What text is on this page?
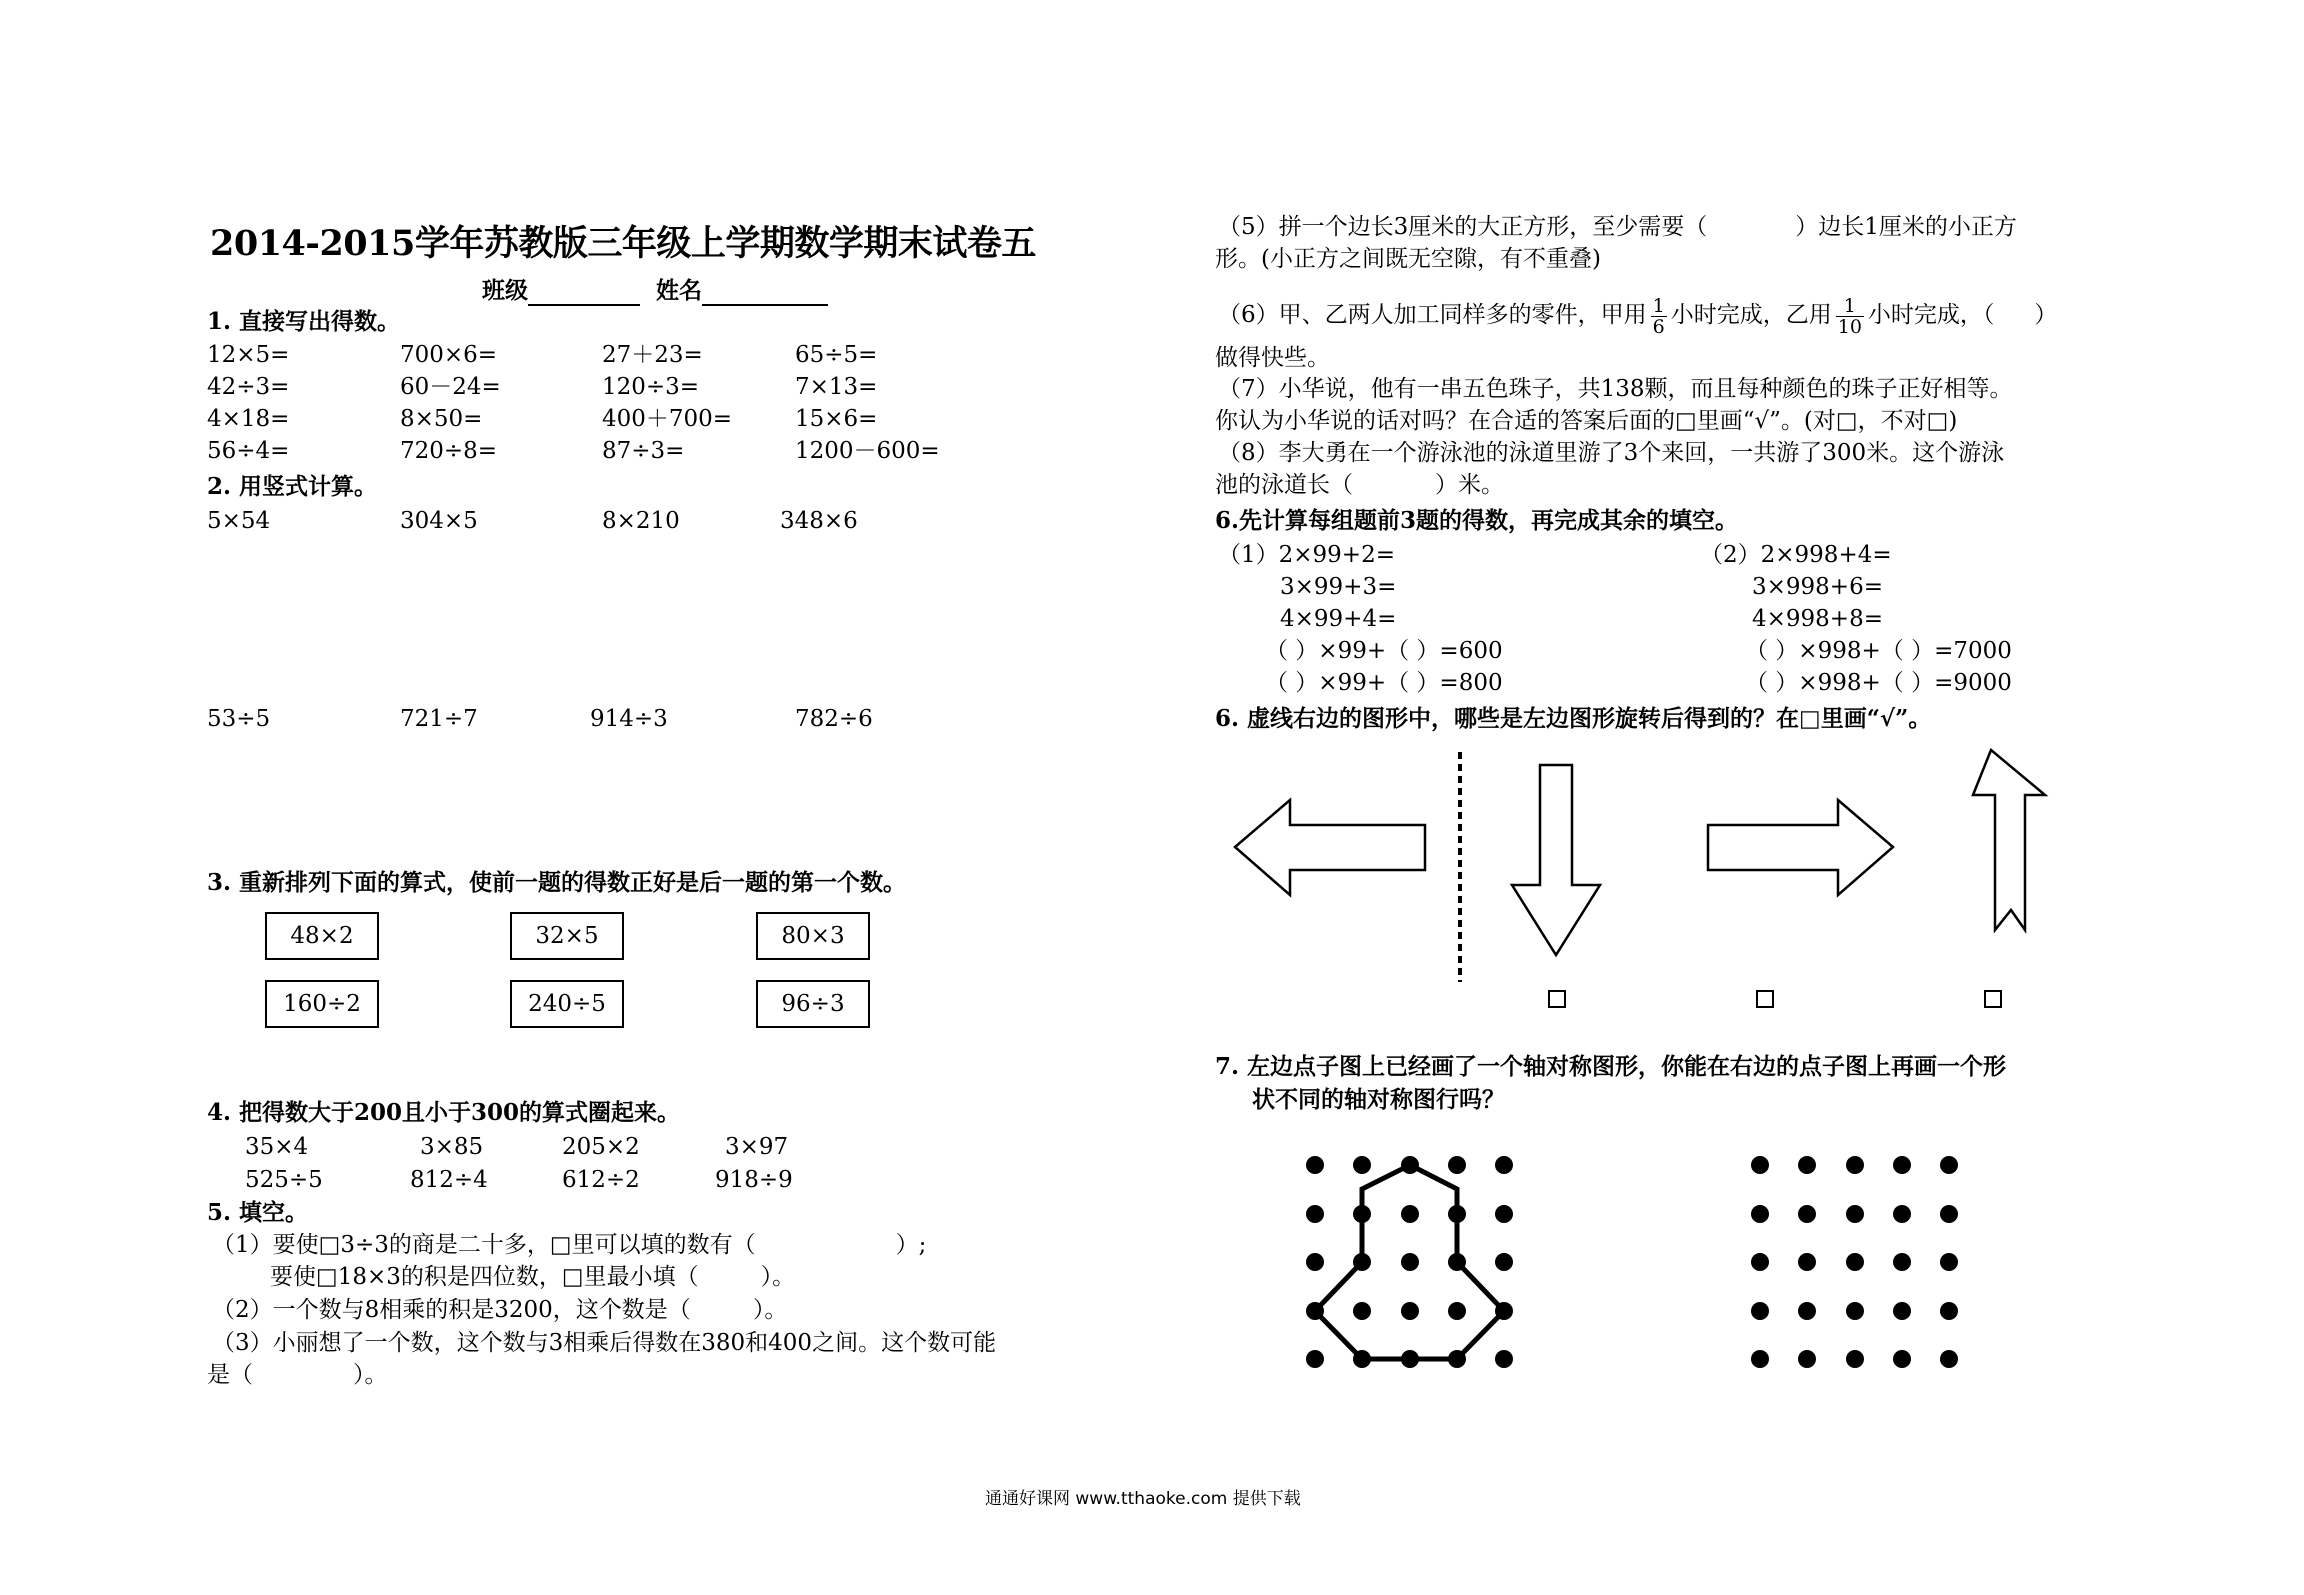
2014-2015学年苏教版三年级上学期数学期末试卷五
班级	姓名
1. 直接写出得数。
12×5=	700×6=	27＋23=	65÷5=
42÷3=	60－24=	120÷3=	7×13=
4×18=	8×50=	400＋700=	15×6=
56÷4=	720÷8=	87÷3=	1200－600=
2. 用竖式计算。
5×54	304×5	8×210	348×6
53÷5	721÷7	914÷3	782÷6
3. 重新排列下面的算式，使前一题的得数正好是后一题的第一个数。
48×2	32×5	80×3
160÷2	240÷5	96÷3
4. 把得数大于200且小于300的算式圈起来。
35×4	3×85	205×2	3×97
525÷5	812÷4	612÷2	918÷9
5. 填空。
（1）要使□3÷3的商是二十多，□里可以填的数有（	）;
要使□18×3的积是四位数，□里最小填（	）。
（2）一个数与8相乘的积是3200，这个数是（	）。
（3）小丽想了一个数，这个数与3相乘后得数在380和400之间。这个数可能
是（	）。
（5）拼一个边长3厘米的大正方形，至少需要（	）边长1厘米的小正方
形。(小正方之间既无空隙，有不重叠)
（6）甲、乙两人加工同样多的零件，甲用 $\frac{1}{6}$ 小时完成，乙用 $\frac{1}{10}$ 小时完成，（ ）
做得快些。
（7）小华说，他有一串五色珠子，共138颗，而且每种颜色的珠子正好相等。
你认为小华说的话对吗？在合适的答案后面的□里画“√”。(对□，不对□)
（8）李大勇在一个游泳池的泳道里游了3个来回，一共游了300米。这个游泳
池的泳道长（	）米。
6.先计算每组题前3题的得数，再完成其余的填空。
（1）2×99+2=
3×99+3=
4×99+4=
（ ）×99+（ ）=600
（ ）×99+（ ）=800
（2）2×998+4=
3×998+6=
4×998+8=
（ ）×998+（ ）=7000
（ ）×998+（ ）=9000
6. 虚线右边的图形中，哪些是左边图形旋转后得到的？在□里画“√”。
7. 左边点子图上已经画了一个轴对称图形，你能在右边的点子图上再画一个形
状不同的轴对称图行吗？
通通好课网 www.tthaoke.com 提供下载
